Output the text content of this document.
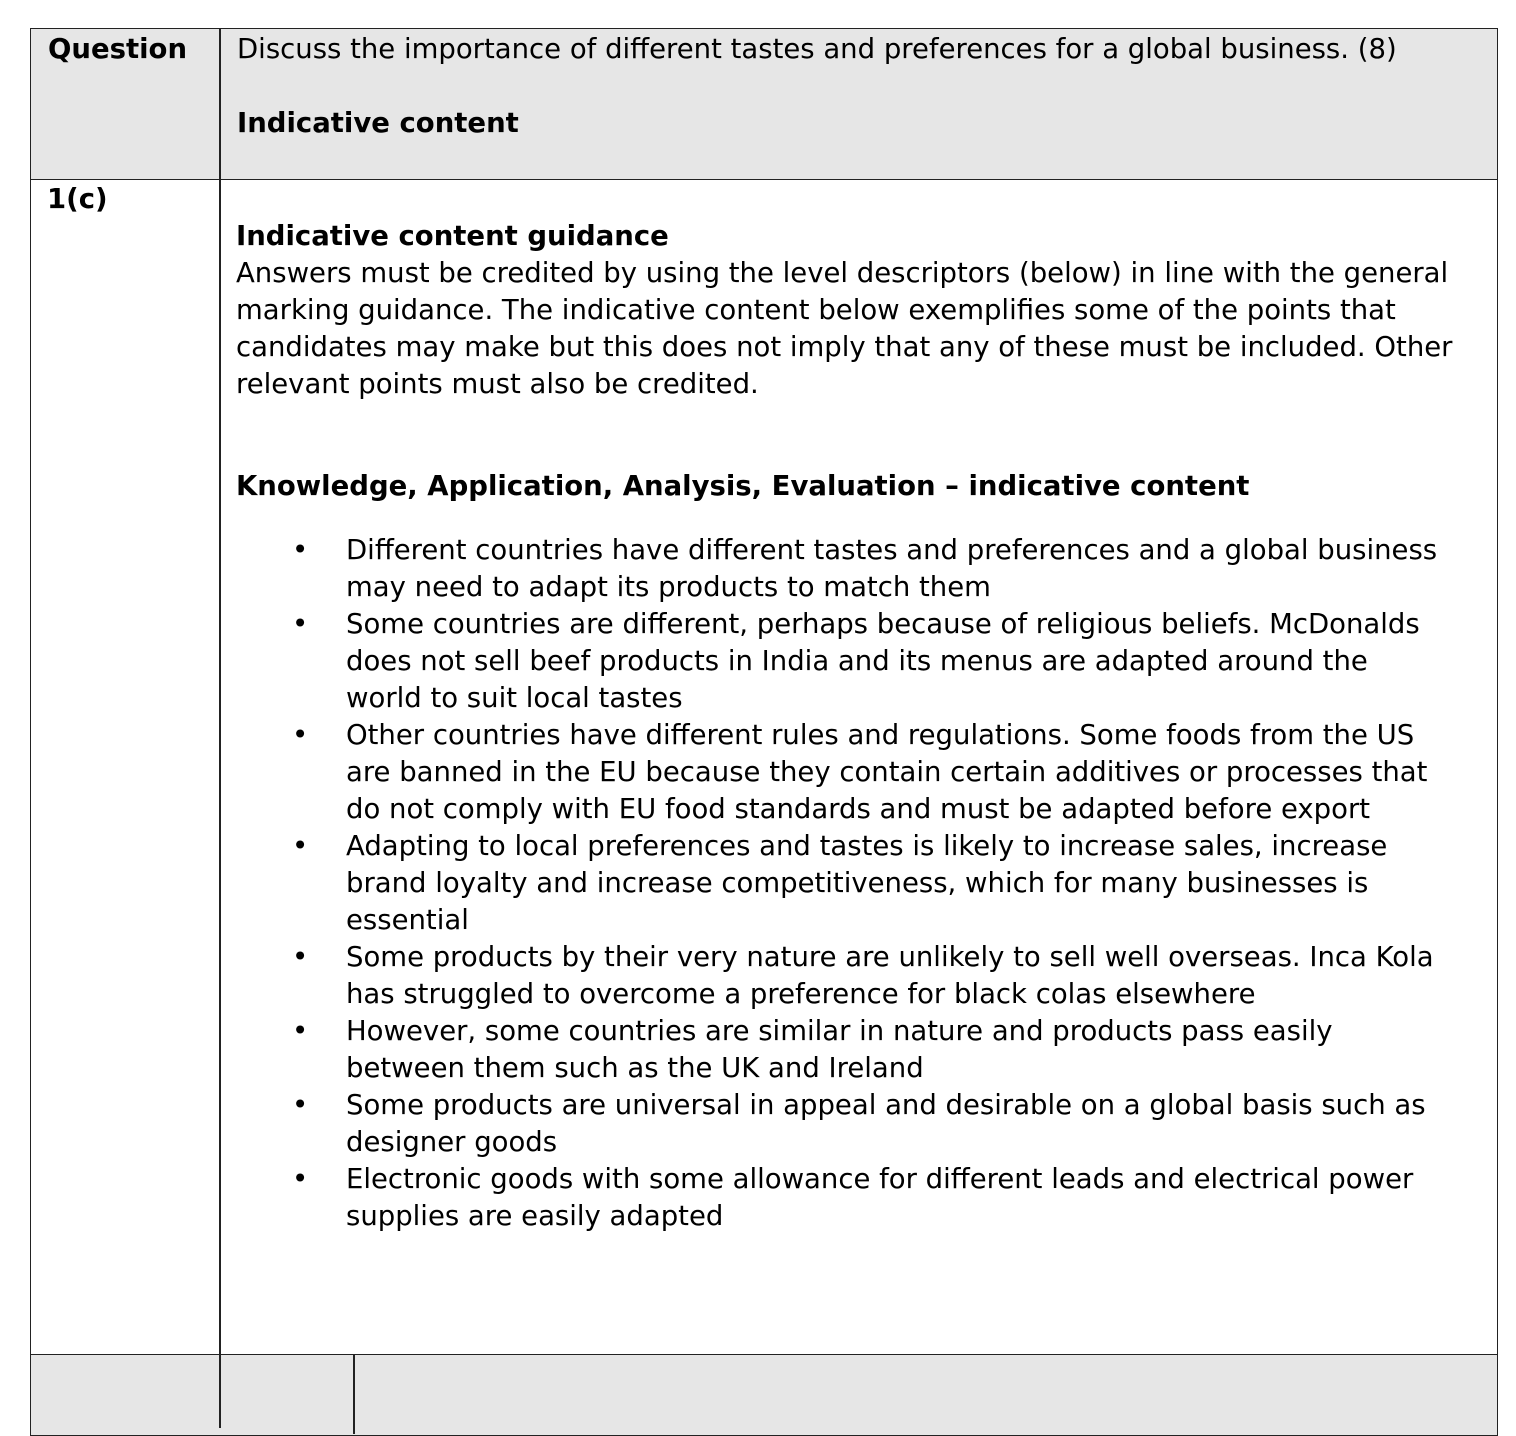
Question Discuss the importance of different tastes and preferences for a global business. (8)
Indicative content
1(c)
Indicative content guidance
Answers must be credited by using the level descriptors (below) in line with the general marking guidance. The indicative content below exemplifies some of the points that candidates may make but this does not imply that any of these must be included. Other relevant points must also be credited.
Knowledge, Application, Analysis, Evaluation – indicative content
• Different countries have different tastes and preferences and a global business may need to adapt its products to match them
• Some countries are different, perhaps because of religious beliefs. McDonalds does not sell beef products in India and its menus are adapted around the world to suit local tastes
• Other countries have different rules and regulations. Some foods from the US are banned in the EU because they contain certain additives or processes that do not comply with EU food standards and must be adapted before export
• Adapting to local preferences and tastes is likely to increase sales, increase brand loyalty and increase competitiveness, which for many businesses is essential
• Some products by their very nature are unlikely to sell well overseas. Inca Kola has struggled to overcome a preference for black colas elsewhere
• However, some countries are similar in nature and products pass easily between them such as the UK and Ireland
• Some products are universal in appeal and desirable on a global basis such as designer goods
• Electronic goods with some allowance for different leads and electrical power supplies are easily adapted
